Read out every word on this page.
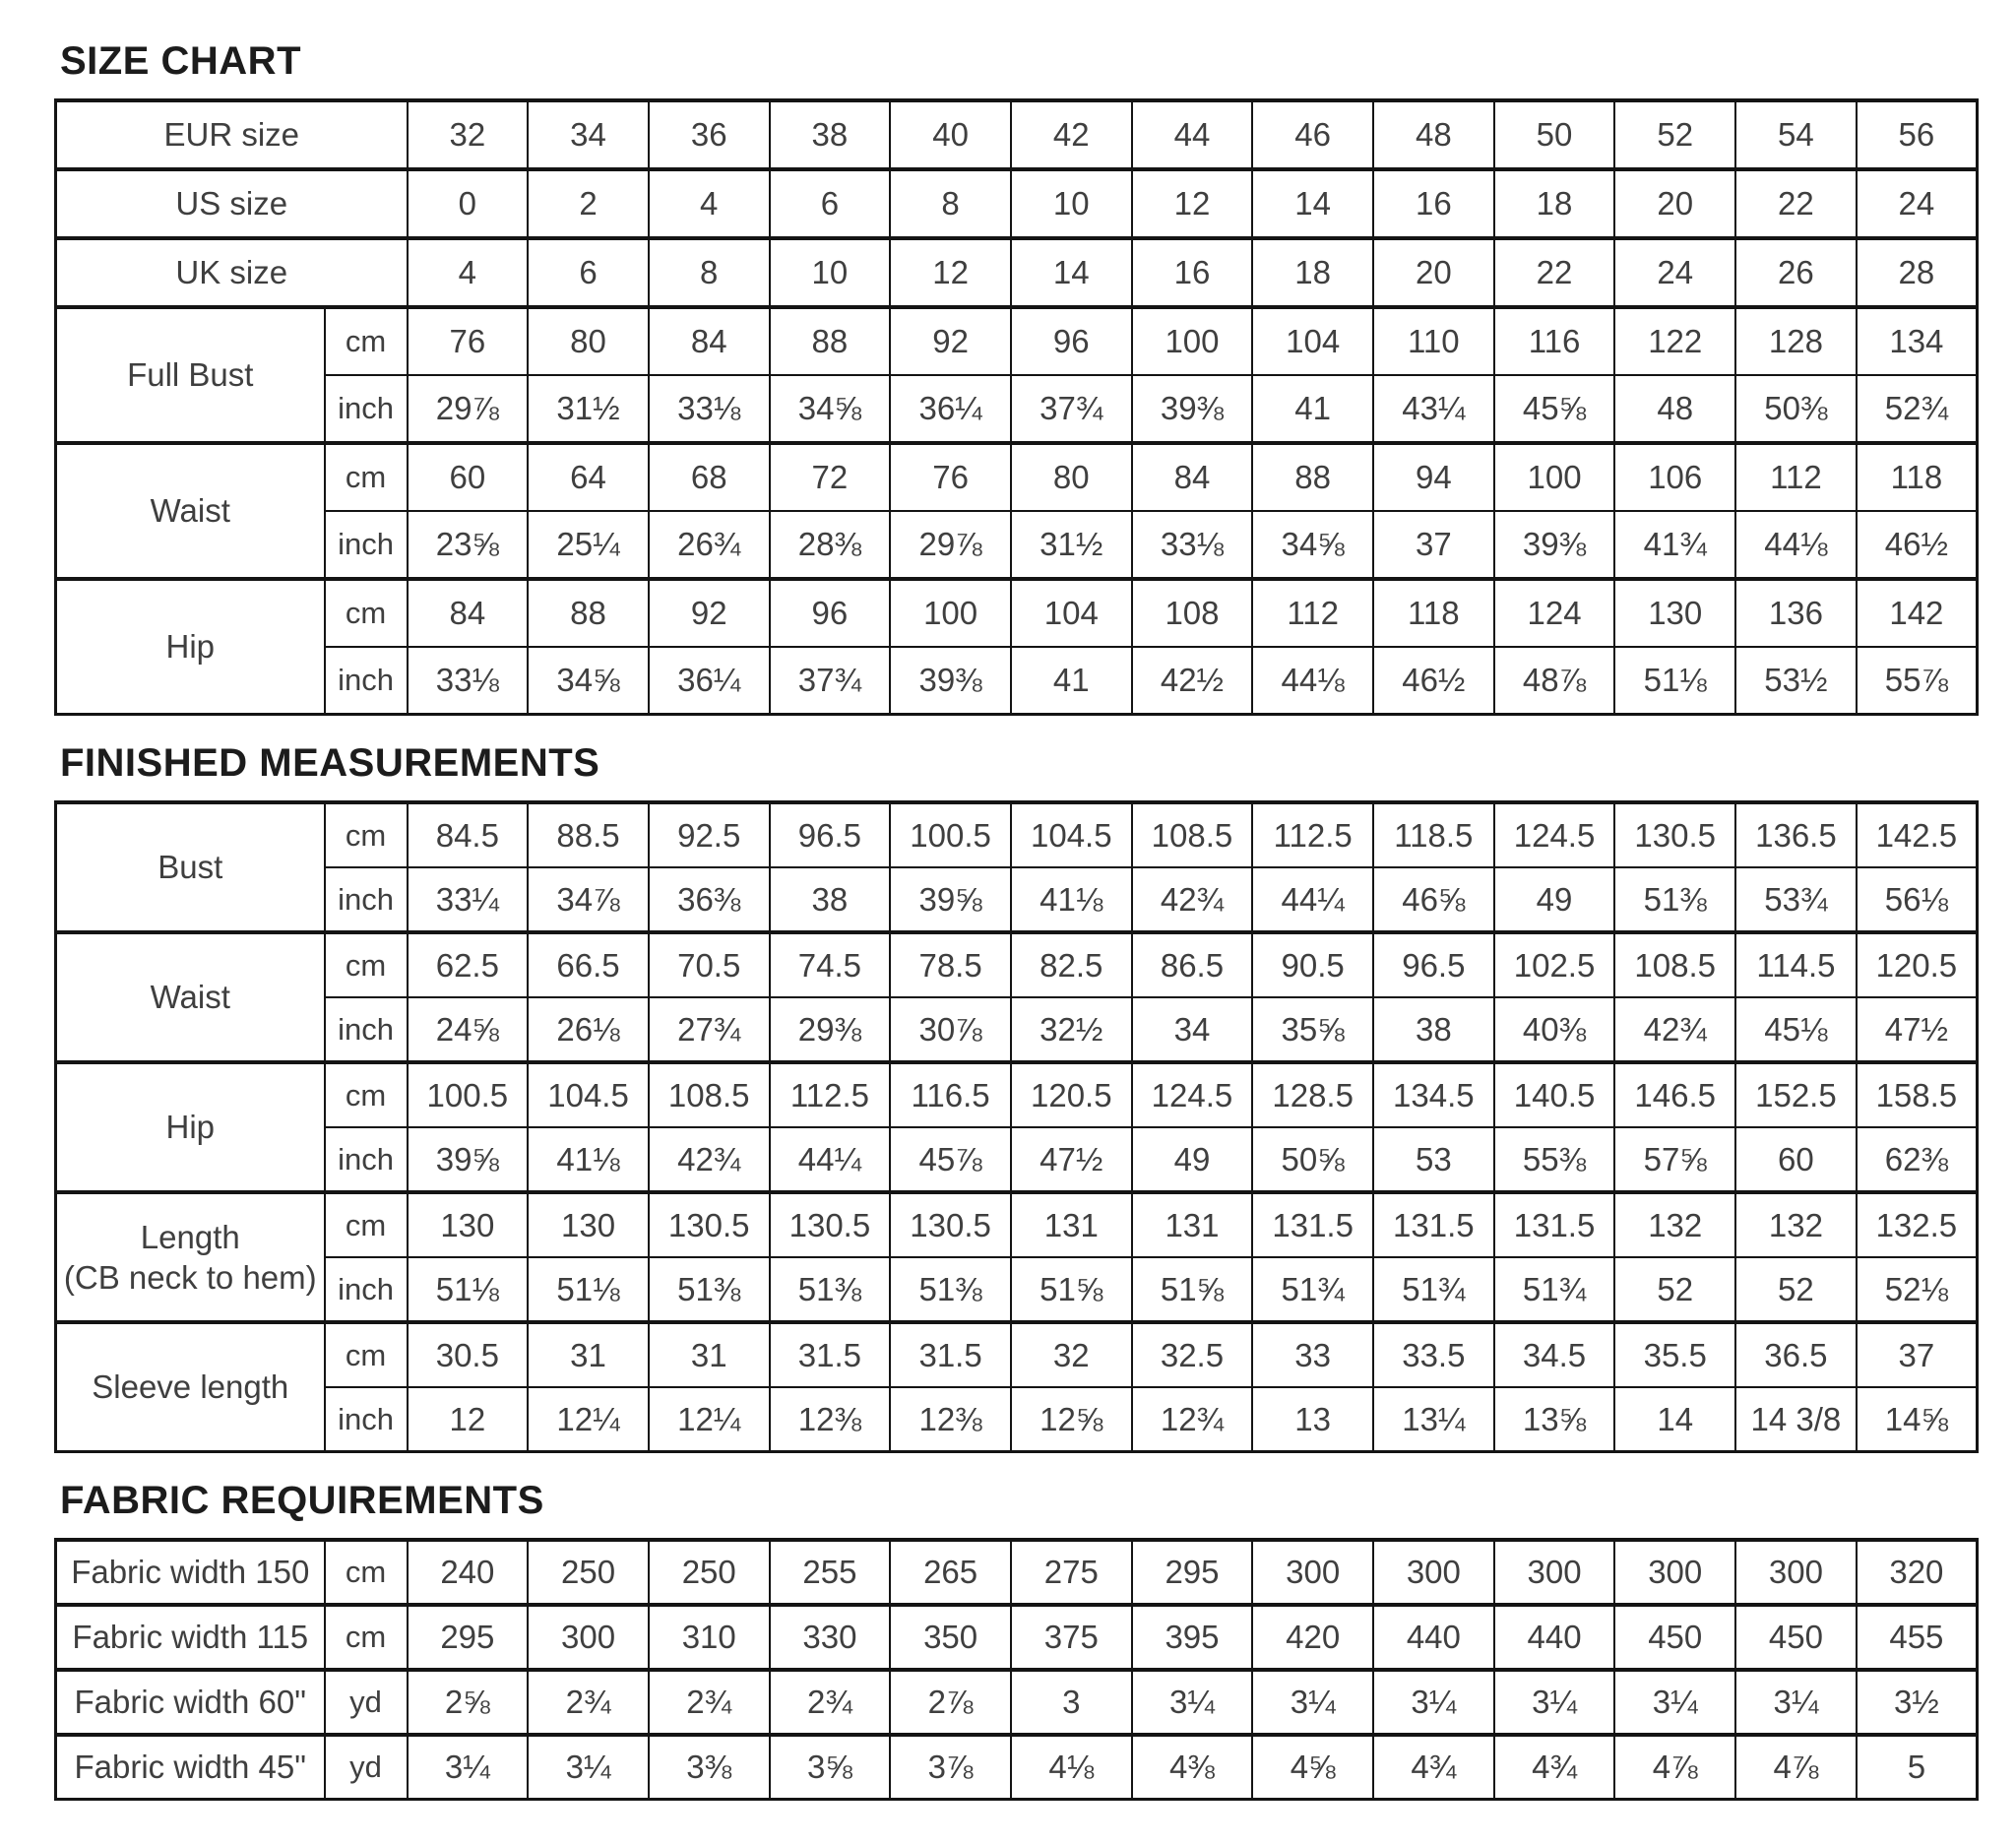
SIZE CHART
EUR size		32	34	36	38	40	42	44	46	48	50	52	54	56

US size		0	2	4	6	8	10	12	14	16	18	20	22	24

UK size		4	6	8	10	12	14	16	18	20	22	24	26	28

Full Bust	cm	76	80	84	88	92	96	100	104	110	116	122	128	134
	inch	29⅞	31½	33⅛	34⅝	36¼	37¾	39⅜	41	43¼	45⅝	48	50⅜	52¾

Waist	cm	60	64	68	72	76	80	84	88	94	100	106	112	118
	inch	23⅝	25¼	26¾	28⅜	29⅞	31½	33⅛	34⅝	37	39⅜	41¾	44⅛	46½

Hip	cm	84	88	92	96	100	104	108	112	118	124	130	136	142
	inch	33⅛	34⅝	36¼	37¾	39⅜	41	42½	44⅛	46½	48⅞	51⅛	53½	55⅞
FINISHED MEASUREMENTS
Bust	cm	84.5	88.5	92.5	96.5	100.5	104.5	108.5	112.5	118.5	124.5	130.5	136.5	142.5
	inch	33¼	34⅞	36⅜	38	39⅝	41⅛	42¾	44¼	46⅝	49	51⅜	53¾	56⅛

Waist	cm	62.5	66.5	70.5	74.5	78.5	82.5	86.5	90.5	96.5	102.5	108.5	114.5	120.5
	inch	24⅝	26⅛	27¾	29⅜	30⅞	32½	34	35⅝	38	40⅜	42¾	45⅛	47½

Hip	cm	100.5	104.5	108.5	112.5	116.5	120.5	124.5	128.5	134.5	140.5	146.5	152.5	158.5
	inch	39⅝	41⅛	42¾	44¼	45⅞	47½	49	50⅝	53	55⅜	57⅝	60	62⅜

Length
(CB neck to hem)	cm	130	130	130.5	130.5	130.5	131	131	131.5	131.5	131.5	132	132	132.5
	inch	51⅛	51⅛	51⅜	51⅜	51⅜	51⅝	51⅝	51¾	51¾	51¾	52	52	52⅛

Sleeve length	cm	30.5	31	31	31.5	31.5	32	32.5	33	33.5	34.5	35.5	36.5	37
	inch	12	12¼	12¼	12⅜	12⅜	12⅝	12¾	13	13¼	13⅝	14	14 3/8	14⅝
FABRIC REQUIREMENTS
Fabric width 150	cm	240	250	250	255	265	275	295	300	300	300	300	300	320

Fabric width 115	cm	295	300	310	330	350	375	395	420	440	440	450	450	455

Fabric width 60"	yd	2⅝	2¾	2¾	2¾	2⅞	3	3¼	3¼	3¼	3¼	3¼	3¼	3½

Fabric width 45"	yd	3¼	3¼	3⅜	3⅝	3⅞	4⅛	4⅜	4⅝	4¾	4¾	4⅞	4⅞	5
